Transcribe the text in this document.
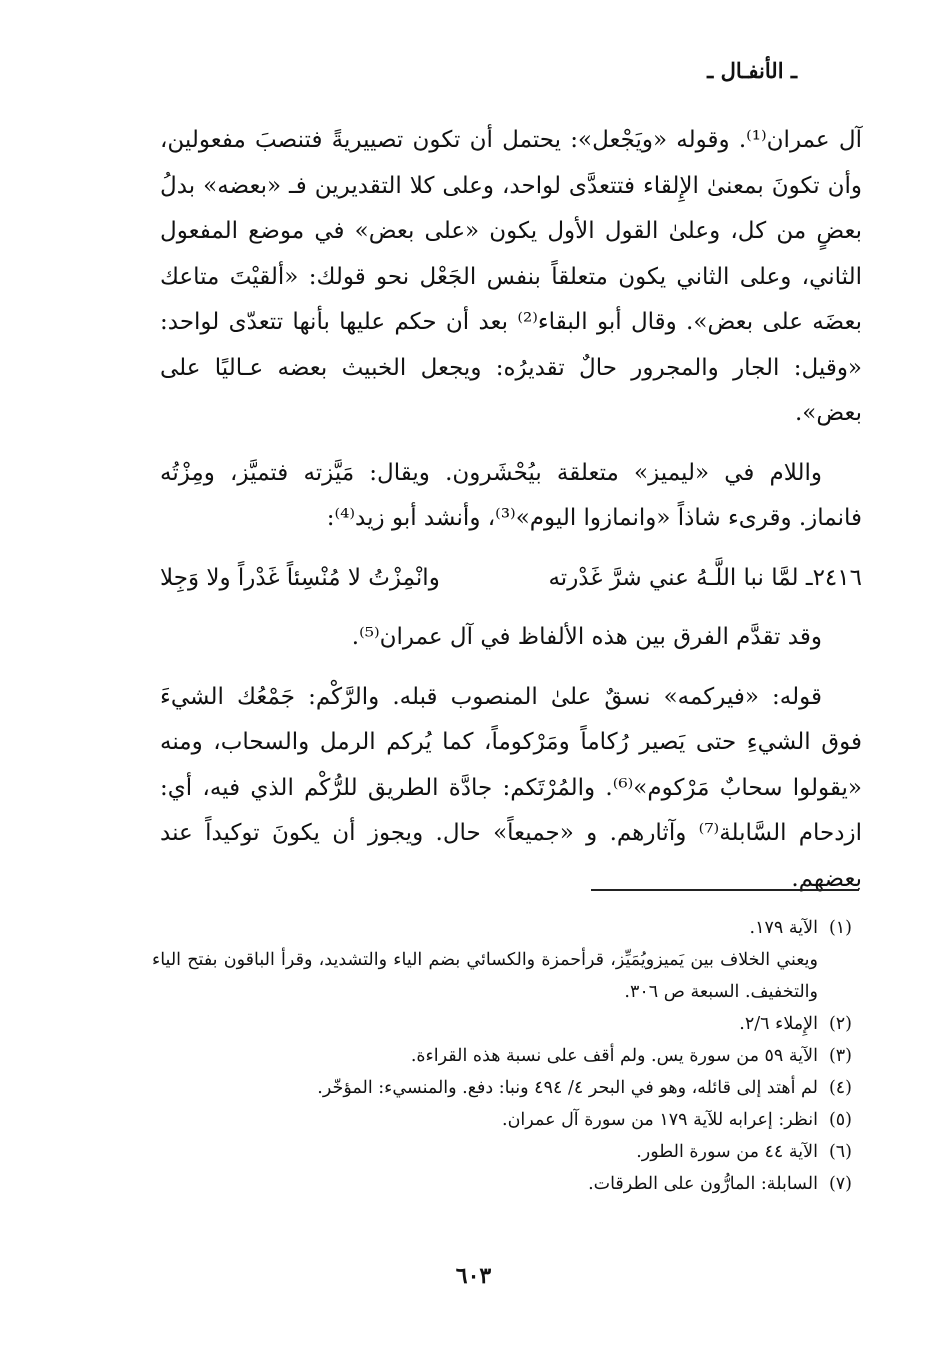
ـ الأنفـال ـ

آل عمران⁽¹⁾. وقوله «ويَجْعل»: يحتمل أن تكون تصييريةً فتنصبَ مفعولين، وأن تكونَ بمعنىٰ الإِلقاء فتتعدَّى لواحد، وعلى كلا التقديرين فـ «بعضه» بدلُ بعضٍ من كل، وعلىٰ القول الأول يكون «على بعض» في موضع المفعول الثاني، وعلى الثاني يكون متعلقاً بنفس الجَعْل نحو قولك: «ألقيْتَ متاعك بعضَه على بعض». وقال أبو البقاء⁽²⁾ بعد أن حكم عليها بأنها تتعدّى لواحد: «وقيل: الجار والمجرور حالٌ تقديرُه: ويجعل الخبيث بعضه عـاليًا على بعض».

واللام في «ليميز» متعلقة بيُحْشَرون. ويقال: مَيَّزته فتميَّز، ومِزْتُه فانماز. وقرىء شاذاً «وانمازوا اليوم»⁽³⁾، وأنشد أبو زيد⁽⁴⁾:

٢٤١٦ـ لمَّا نبا اللَّـهُ عني شرَّ غَدْرته
وانْمِزْتُ لا مُنْسِئاً غَدْراً ولا وَجِلا

وقد تقدَّم الفرق بين هذه الألفاظ في آل عمران⁽⁵⁾.

قوله: «فيركمه» نسقٌ علىٰ المنصوب قبله. والرَّكْم: جَمْعُك الشيءَ فوق الشيءِ حتى يَصير رُكاماً ومَرْكوماً، كما يُركم الرمل والسحاب، ومنه «يقولوا سحابٌ مَرْكوم»⁽⁶⁾. والمُرْتَكم: جادَّة الطريق للرُّكْم الذي فيه، أي: ازدحام السَّابلة⁽⁷⁾ وآثارهم. و «جميعاً» حال. ويجوز أن يكونَ توكيداً عند بعضهم.

(١)الآية ١٧٩.

ويعني الخلاف بين يَميزويُمَيِّز، قرأحمزة والكسائي بضم الياء والتشديد، وقرأ الباقون بفتح الياء والتخفيف. السبعة ص ٣٠٦.

(٢)الإِملاء ٢/٦.

(٣)الآية ٥٩ من سورة يس. ولم أقف على نسبة هذه القراءة.

(٤)لم أهتد إلى قائله، وهو في البحر ٤/ ٤٩٤ ونبا: دفع. والمنسيء: المؤخّر.

(٥)انظر: إعرابه للآية ١٧٩ من سورة آل عمران.

(٦)الآية ٤٤ من سورة الطور.

(٧)السابلة: المارُّون على الطرقات.

٦٠٣
